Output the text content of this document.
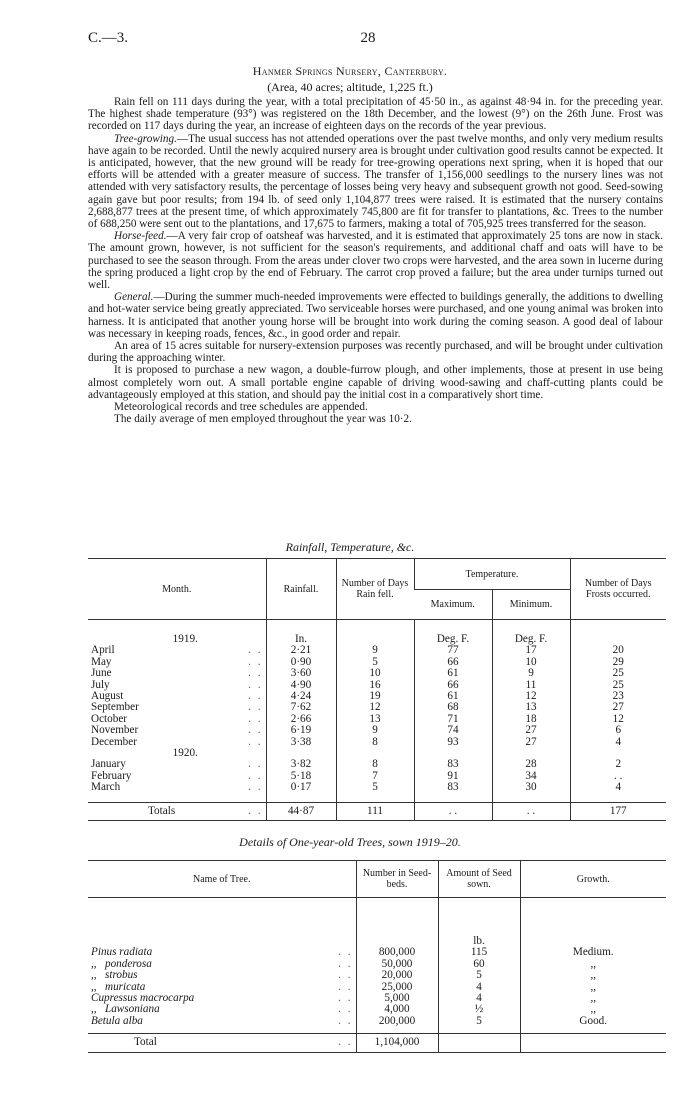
C.—3.	28
Hanmer Springs Nursery, Canterbury.
(Area, 40 acres; altitude, 1,225 ft.)

Rain fell on 111 days during the year, with a total precipitation of 45·50 in., as against 48·94 in. for the preceding year. The highest shade temperature (93°) was registered on the 18th December, and the lowest (9°) on the 26th June. Frost was recorded on 117 days during the year, an increase of eighteen days on the records of the year previous.

Tree-growing.—The usual success has not attended operations over the past twelve months, and only very medium results have again to be recorded. Until the newly acquired nursery area is brought under cultivation good results cannot be expected. It is anticipated, however, that the new ground will be ready for tree-growing operations next spring, when it is hoped that our efforts will be attended with a greater measure of success. The transfer of 1,156,000 seedlings to the nursery lines was not attended with very satisfactory results, the percentage of losses being very heavy and subsequent growth not good. Seed-sowing again gave but poor results; from 194 lb. of seed only 1,104,877 trees were raised. It is estimated that the nursery contains 2,688,877 trees at the present time, of which approximately 745,800 are fit for transfer to plantations, &c. Trees to the number of 688,250 were sent out to the plantations, and 17,675 to farmers, making a total of 705,925 trees transferred for the season.

Horse-feed.—A very fair crop of oatsheaf was harvested, and it is estimated that approximately 25 tons are now in stack. The amount grown, however, is not sufficient for the season's requirements, and additional chaff and oats will have to be purchased to see the season through. From the areas under clover two crops were harvested, and the area sown in lucerne during the spring produced a light crop by the end of February. The carrot crop proved a failure; but the area under turnips turned out well.

General.—During the summer much-needed improvements were effected to buildings generally, the additions to dwelling and hot-water service being greatly appreciated. Two serviceable horses were purchased, and one young animal was broken into harness. It is anticipated that another young horse will be brought into work during the coming season. A good deal of labour was necessary in keeping roads, fences, &c., in good order and repair.

An area of 15 acres suitable for nursery-extension purposes was recently purchased, and will be brought under cultivation during the approaching winter.

It is proposed to purchase a new wagon, a double-furrow plough, and other implements, those at present in use being almost completely worn out. A small portable engine capable of driving wood-sawing and chaff-cutting plants could be advantageously employed at this station, and should pay the initial cost in a comparatively short time.

Meteorological records and tree schedules are appended.

The daily average of men employed throughout the year was 10·2.

Rainfall, Temperature, &c.
Month.	Rainfall.	Number of Days Rain fell.	Temperature.		Number of Days Frosts occurred.
			Maximum.	Minimum.	
1919.	In.		Deg. F.	Deg. F.	
April . .	2·21	9	77	17	20
May . .	0·90	5	66	10	29
June . .	3·60	10	61	9	25
July . .	4·90	16	66	11	25
August . .	4·24	19	61	12	23
September . .	7·62	12	68	13	27
October . .	2·66	13	71	18	12
November . .	6·19	9	74	27	6
December . .	3·38	8	93	27	4
1920.					
January . .	3·82	8	83	28	2
February . .	5·18	7	91	34	. .
March . .	0·17	5	83	30	4

Totals . .	44·87	111	. .	. .	177
Details of One-year-old Trees, sown 1919–20.
Name of Tree.	Number in Seed-beds.	Amount of Seed sown.	Growth.
		lb.	
Pinus radiata . .	800,000	115	Medium.
,,   ponderosa . .	50,000	60	,,
,,   strobus . .	20,000	5	,,
,,   muricata . .	25,000	4	,,
Cupressus macrocarpa . .	5,000	4	,,
,,   Lawsoniana . .	4,000	½	,,
Betula alba . .	200,000	5	Good.

Total . .	1,104,000		
